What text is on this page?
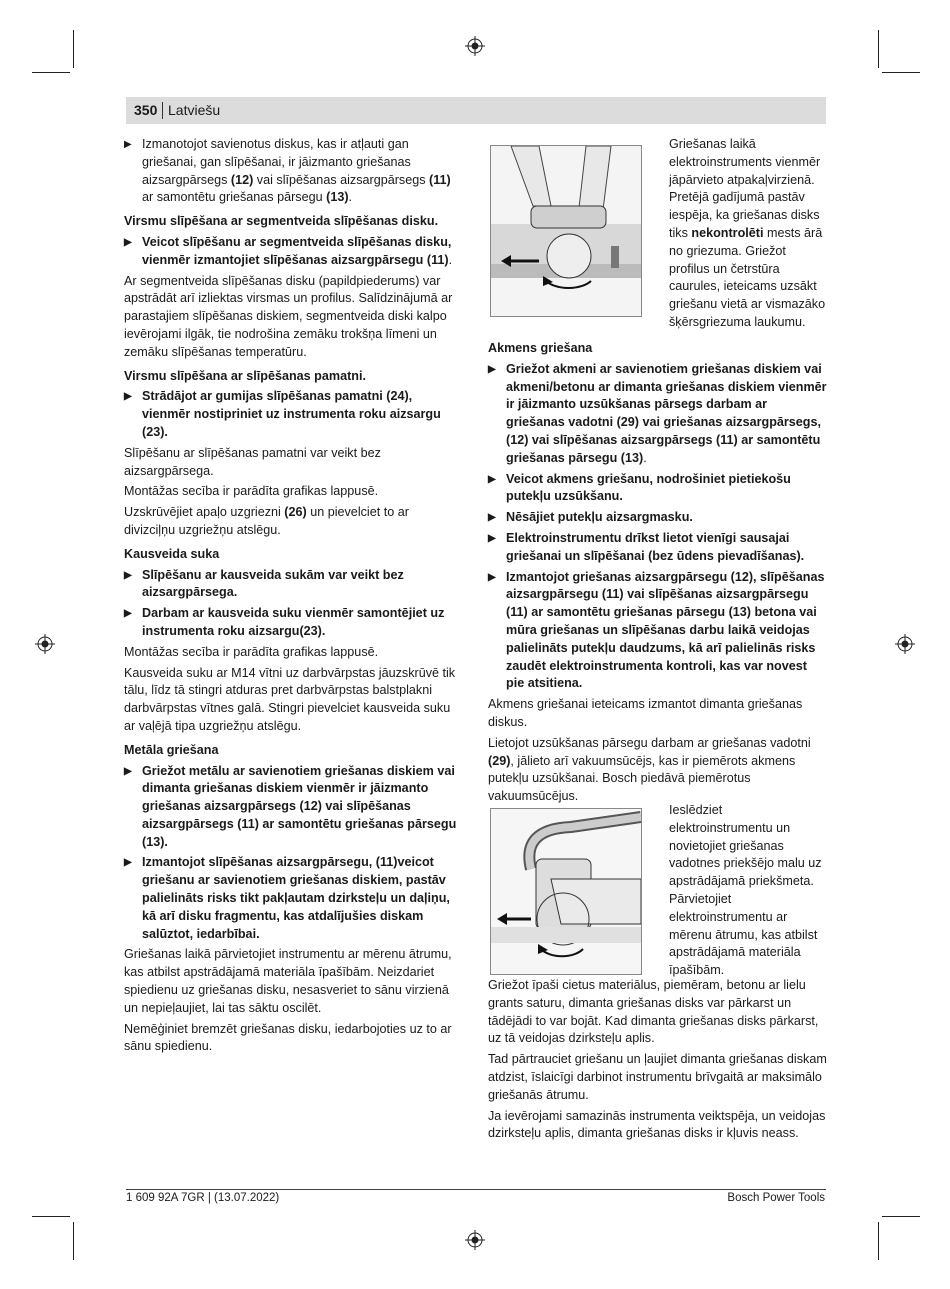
350 Latviešu
▶ Izmanotojot savienotus diskus, kas ir atļauti gan griešanai, gan slīpēšanai, ir jāizmanto griešanas aizsargpārsegs (12) vai slīpēšanas aizsargpārsegs (11) ar samontētu griešanas pārsegu (13).
Virsmu slīpēšana ar segmentveida slīpēšanas disku.
▶ Veicot slīpēšanu ar segmentveida slīpēšanas disku, vienmēr izmantojiet slīpēšanas aizsargpārsegu (11).

Ar segmentveida slīpēšanas disku (papildpiederums) var apstrādāt arī izliektas virsmas un profilus. Salīdzinājumā ar parastajiem slīpēšanas diskiem, segmentveida diski kalpo ievērojami ilgāk, tie nodrošina zemāku trokšņa līmeni un zemāku slīpēšanas temperatūru.

Virsmu slīpēšana ar slīpēšanas pamatni.
▶ Strādājot ar gumijas slīpēšanas pamatni (24), vienmēr nostipriniet uz instrumenta roku aizsargu (23).

Slīpēšanu ar slīpēšanas pamatni var veikt bez aizsargpārsega.

Montāžas secība ir parādīta grafikas lappusē.

Uzskrūvējiet apaļo uzgriezni (26) un pievelciet to ar divizciļņu uzgriežņu atslēgu.

Kausveida suka
▶ Slīpēšanu ar kausveida sukām var veikt bez aizsargpārsega.
▶ Darbam ar kausveida suku vienmēr samontējiet uz instrumenta roku aizsargu(23).

Montāžas secība ir parādīta grafikas lappusē.

Kausveida suku ar M14 vītni uz darbvārpstas jāuzskrūvē tik tālu, līdz tā stingri atduras pret darbvārpstas balstplakni darbvārpstas vītnes galā. Stingri pievelciet kausveida suku ar vaļējā tipa uzgriežņu atslēgu.

Metāla griešana
▶ Griežot metālu ar savienotiem griešanas diskiem vai dimanta griešanas diskiem vienmēr ir jāizmanto griešanas aizsargpārsegs (12) vai slīpēšanas aizsargpārsegs (11) ar samontētu griešanas pārsegu (13).
▶ Izmantojot slīpēšanas aizsargpārsegu, (11)veicot griešanu ar savienotiem griešanas diskiem, pastāv palielināts risks tikt pakļautam dzirksteļu un daļiņu, kā arī disku fragmentu, kas atdalījušies diskam salūztot, iedarbībai.

Griešanas laikā pārvietojiet instrumentu ar mērenu ātrumu, kas atbilst apstrādājamā materiāla īpašībām. Neizdariet spiedienu uz griešanas disku, nesasveriet to sānu virzienā un nepieļaujiet, lai tas sāktu oscilēt.

Nemēģiniet bremzēt griešanas disku, iedarbojoties uz to ar sānu spiedienu.

Griešanas laikā elektroinstruments vienmēr jāpārvieto atpakaļvirzienā. Pretējā gadījumā pastāv iespēja, ka griešanas disks tiks nekontrolēti mests ārā no griezuma. Griežot profilus un četrstūra caurules, ieteicams uzsākt griešanu vietā ar vismazāko šķērsgriezuma laukumu.

Akmens griešana
▶ Griežot akmeni ar savienotiem griešanas diskiem vai akmeni/betonu ar dimanta griešanas diskiem vienmēr ir jāizmanto uzsūkšanas pārsegs darbam ar griešanas vadotni (29) vai griešanas aizsargpārsegs, (12) vai slīpēšanas aizsargpārsegs (11) ar samontētu griešanas pārsegu (13).
▶ Veicot akmens griešanu, nodrošiniet pietiekošu putekļu uzsūkšanu.
▶ Nēsājiet putekļu aizsargmasku.
▶ Elektroinstrumentu drīkst lietot vienīgi sausajai griešanai un slīpēšanai (bez ūdens pievadīšanas).
▶ Izmantojot griešanas aizsargpārsegu (12), slīpēšanas aizsargpārsegu (11) vai slīpēšanas aizsargpārsegu (11) ar samontētu griešanas pārsegu (13) betona vai mūra griešanas un slīpēšanas darbu laikā veidojas palielināts putekļu daudzums, kā arī palielinās risks zaudēt elektroinstrumenta kontroli, kas var novest pie atsitiena.

Akmens griešanai ieteicams izmantot dimanta griešanas diskus.

Lietojot uzsūkšanas pārsegu darbam ar griešanas vadotni (29), jālieto arī vakuumsūcējs, kas ir piemērots akmens putekļu uzsūkšanai. Bosch piedāvā piemērotus vakuumsūcējus.

Ieslēdziet elektroinstrumentu un novietojiet griešanas vadotnes priekšējo malu uz apstrādājamā priekšmeta. Pārvietojiet elektroinstrumentu ar mērenu ātrumu, kas atbilst apstrādājamā materiāla īpašībām.

Griežot īpaši cietus materiālus, piemēram, betonu ar lielu grants saturu, dimanta griešanas disks var pārkarst un tādējādi to var bojāt. Kad dimanta griešanas disks pārkarst, uz tā veidojas dzirksteļu aplis.

Tad pārtrauciet griešanu un ļaujiet dimanta griešanas diskam atdzist, īslaicīgi darbinot instrumentu brīvgaitā ar maksimālo griešanās ātrumu.

Ja ievērojami samazinās instrumenta veiktspēja, un veidojas dzirksteļu aplis, dimanta griešanas disks ir kļuvis neass.

1 609 92A 7GR | (13.07.2022)	Bosch Power Tools
